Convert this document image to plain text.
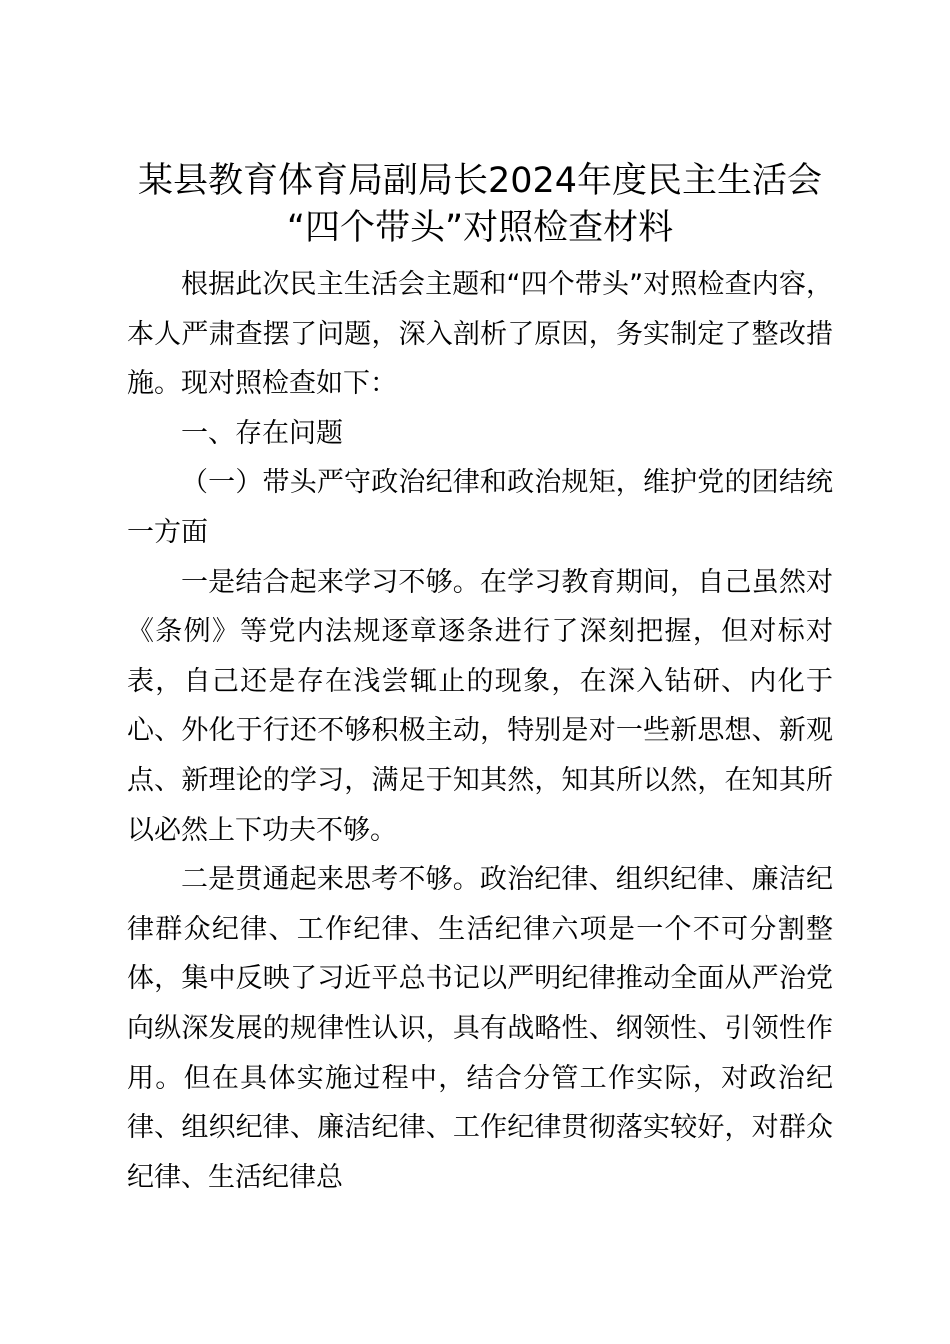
某县教育体育局副局长2024年度民主生活会
“四个带头”对照检查材料

根据此次民主生活会主题和“四个带头”对照检查内容，本人严肃查摆了问题，深入剖析了原因，务实制定了整改措施。现对照检查如下：

一、存在问题

（一）带头严守政治纪律和政治规矩，维护党的团结统一方面

一是结合起来学习不够。在学习教育期间，自己虽然对《条例》等党内法规逐章逐条进行了深刻把握，但对标对表，自己还是存在浅尝辄止的现象，在深入钻研、内化于心、外化于行还不够积极主动，特别是对一些新思想、新观点、新理论的学习，满足于知其然，知其所以然，在知其所以必然上下功夫不够。

二是贯通起来思考不够。政治纪律、组织纪律、廉洁纪律群众纪律、工作纪律、生活纪律六项是一个不可分割整体，集中反映了习近平总书记以严明纪律推动全面从严治党向纵深发展的规律性认识，具有战略性、纲领性、引领性作用。但在具体实施过程中，结合分管工作实际，对政治纪律、组织纪律、廉洁纪律、工作纪律贯彻落实较好，对群众纪律、生活纪律总
